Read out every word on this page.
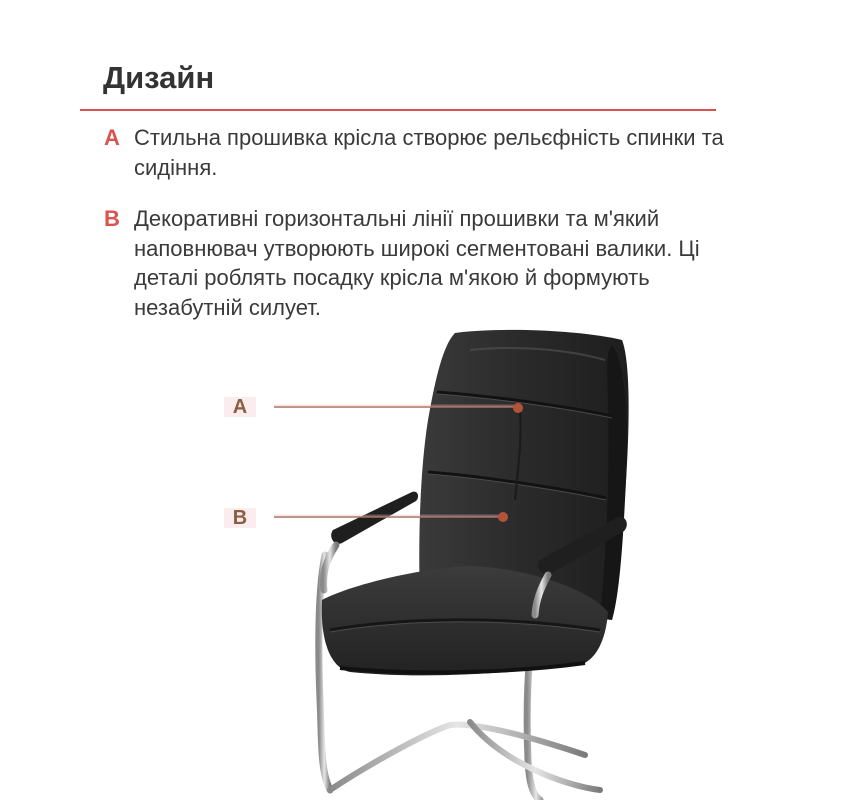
Дизайн
A Стильна прошивка крісла створює рельєфність спинки та сидіння.
B Декоративні горизонтальні лінії прошивки та м'який наповнювач утворюють широкі сегментовані валики. Ці деталі роблять посадку крісла м'якою й формують незабутній силует.
A
B
